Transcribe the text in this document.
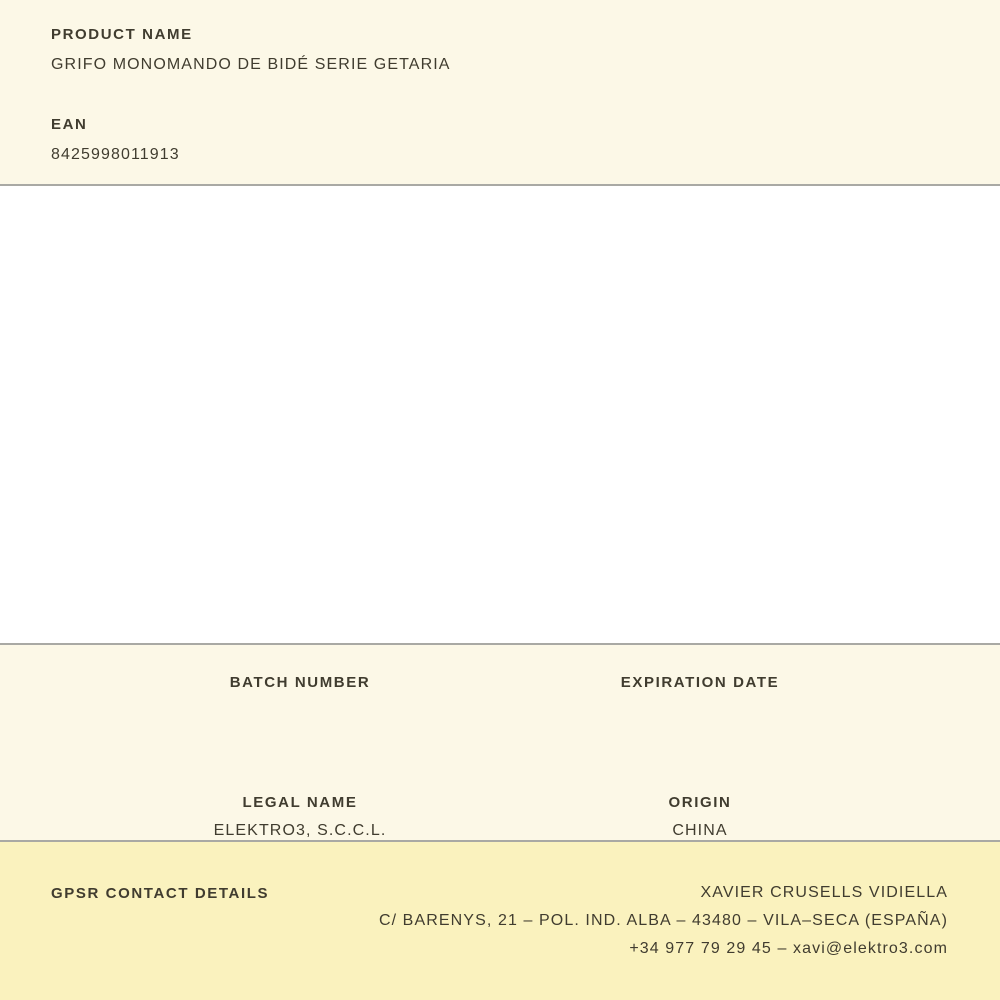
PRODUCT NAME
GRIFO MONOMANDO DE BIDÉ SERIE GETARIA
EAN
8425998011913
BATCH NUMBER	EXPIRATION DATE
LEGAL NAME
ELEKTRO3, S.C.C.L.
ORIGIN
CHINA
GPSR CONTACT DETAILS	XAVIER CRUSELLS VIDIELLA
C/ BARENYS, 21 – POL. IND. ALBA – 43480 – VILA–SECA (ESPAÑA)
+34 977 79 29 45 – xavi@elektro3.com
